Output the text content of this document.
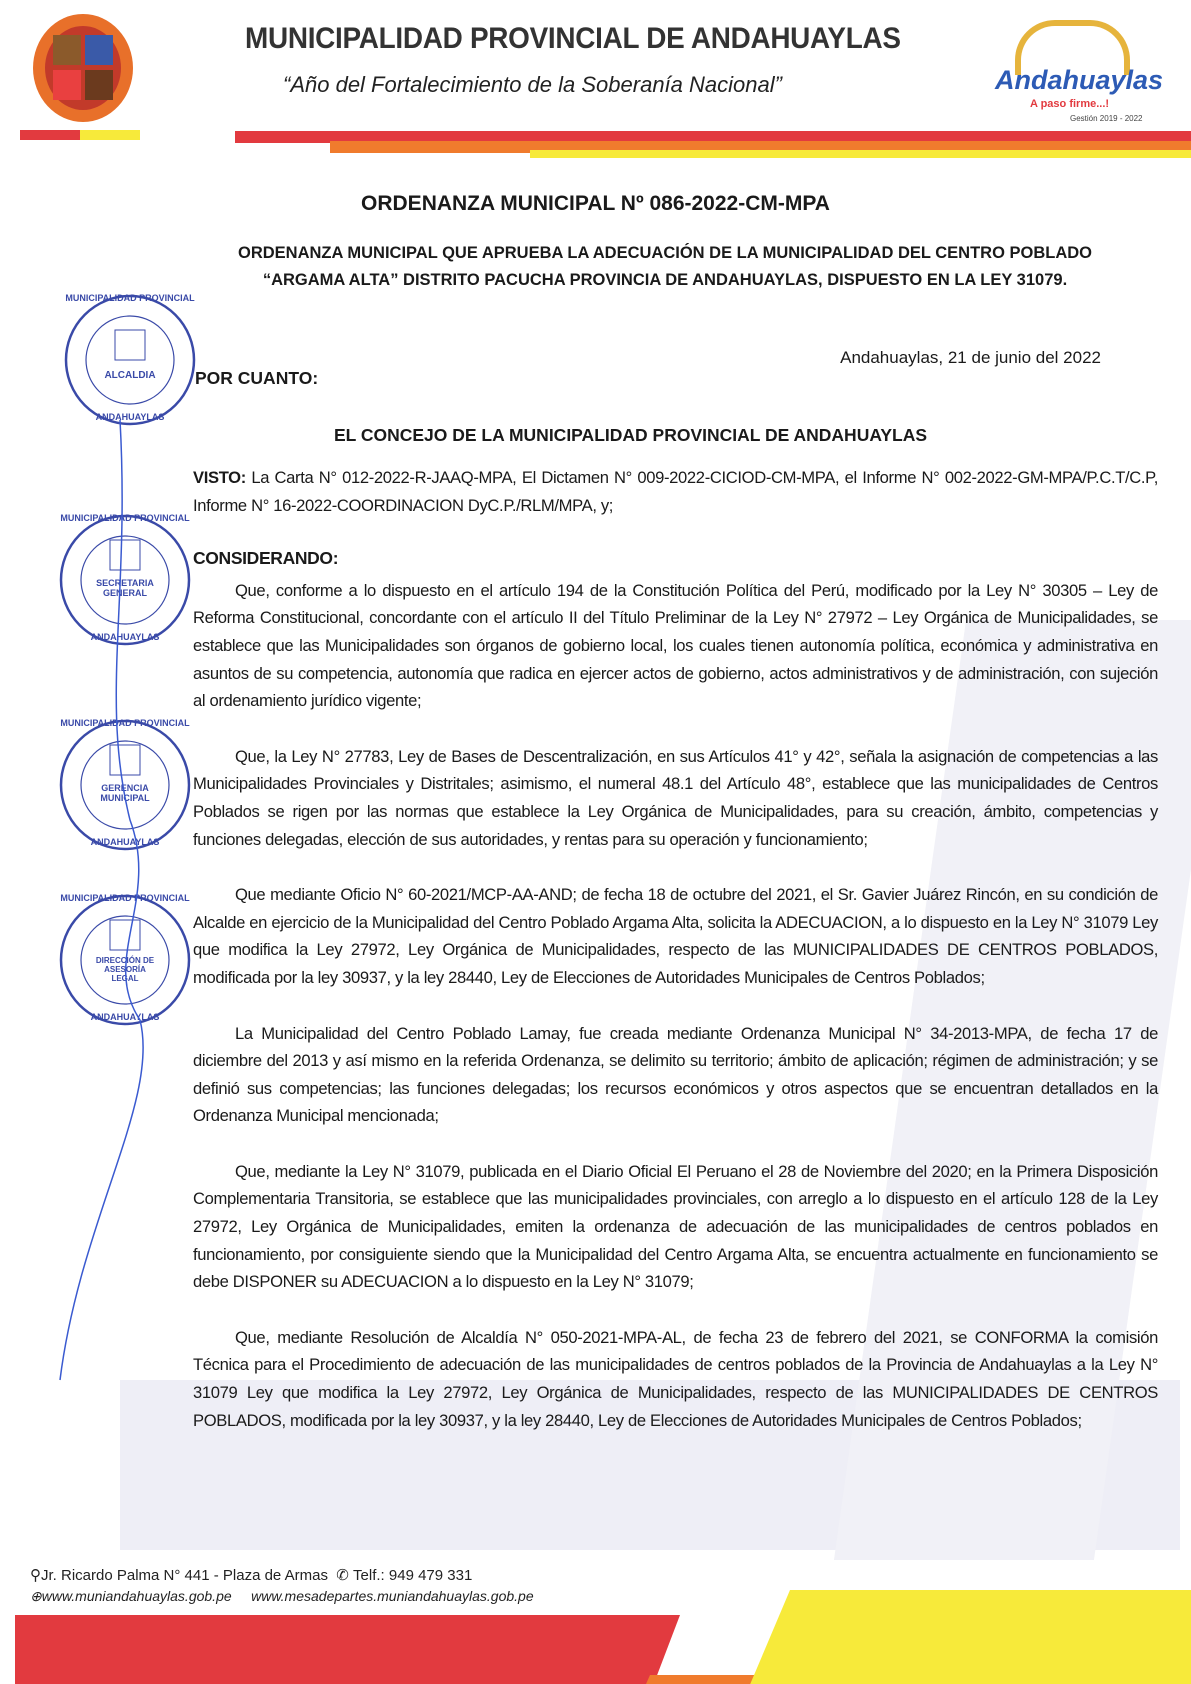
MUNICIPALIDAD PROVINCIAL DE ANDAHUAYLAS
“Año del Fortalecimiento de la Soberanía Nacional”	Andahuaylas
A paso firme...!
Gestión 2019 - 2022
ORDENANZA MUNICIPAL Nº 086-2022-CM-MPA
ORDENANZA MUNICIPAL QUE APRUEBA LA ADECUACIÓN DE LA MUNICIPALIDAD DEL CENTRO POBLADO “ARGAMA ALTA” DISTRITO PACUCHA PROVINCIA DE ANDAHUAYLAS, DISPUESTO EN LA LEY 31079.
Andahuaylas, 21 de junio del 2022
POR CUANTO:
EL CONCEJO DE LA MUNICIPALIDAD PROVINCIAL DE ANDAHUAYLAS

VISTO: La Carta N° 012-2022-R-JAAQ-MPA, El Dictamen N° 009-2022-CICIOD-CM-MPA, el Informe N° 002-2022-GM-MPA/P.C.T/C.P, Informe N° 16-2022-COORDINACION DyC.P./RLM/MPA, y;

CONSIDERANDO:

Que, conforme a lo dispuesto en el artículo 194 de la Constitución Política del Perú, modificado por la Ley N° 30305 – Ley de Reforma Constitucional, concordante con el artículo II del Título Preliminar de la Ley N° 27972 – Ley Orgánica de Municipalidades, se establece que las Municipalidades son órganos de gobierno local, los cuales tienen autonomía política, económica y administrativa en asuntos de su competencia, autonomía que radica en ejercer actos de gobierno, actos administrativos y de administración, con sujeción al ordenamiento jurídico vigente;

Que, la Ley N° 27783, Ley de Bases de Descentralización, en sus Artículos 41° y 42°, señala la asignación de competencias a las Municipalidades Provinciales y Distritales; asimismo, el numeral 48.1 del Artículo 48°, establece que las municipalidades de Centros Poblados se rigen por las normas que establece la Ley Orgánica de Municipalidades, para su creación, ámbito, competencias y funciones delegadas, elección de sus autoridades, y rentas para su operación y funcionamiento;

Que mediante Oficio N° 60-2021/MCP-AA-AND; de fecha 18 de octubre del 2021, el Sr. Gavier Juárez Rincón, en su condición de Alcalde en ejercicio de la Municipalidad del Centro Poblado Argama Alta, solicita la ADECUACION, a lo dispuesto en la Ley N° 31079 Ley que modifica la Ley 27972, Ley Orgánica de Municipalidades, respecto de las MUNICIPALIDADES DE CENTROS POBLADOS, modificada por la ley 30937, y la ley 28440, Ley de Elecciones de Autoridades Municipales de Centros Poblados;

La Municipalidad del Centro Poblado Lamay, fue creada mediante Ordenanza Municipal N° 34-2013-MPA, de fecha 17 de diciembre del 2013 y así mismo en la referida Ordenanza, se delimito su territorio; ámbito de aplicación; régimen de administración; y se definió sus competencias; las funciones delegadas; los recursos económicos y otros aspectos que se encuentran detallados en la Ordenanza Municipal mencionada;

Que, mediante la Ley N° 31079, publicada en el Diario Oficial El Peruano el 28 de Noviembre del 2020; en la Primera Disposición Complementaria Transitoria, se establece que las municipalidades provinciales, con arreglo a lo dispuesto en el artículo 128 de la Ley 27972, Ley Orgánica de Municipalidades, emiten la ordenanza de adecuación de las municipalidades de centros poblados en funcionamiento, por consiguiente siendo que la Municipalidad del Centro Argama Alta, se encuentra actualmente en funcionamiento se debe DISPONER su ADECUACION a lo dispuesto en la Ley N° 31079;

Que, mediante Resolución de Alcaldía N° 050-2021-MPA-AL, de fecha 23 de febrero del 2021, se CONFORMA la comisión Técnica para el Procedimiento de adecuación de las municipalidades de centros poblados de la Provincia de Andahuaylas a la Ley N° 31079 Ley que modifica la Ley 27972, Ley Orgánica de Municipalidades, respecto de las MUNICIPALIDADES DE CENTROS POBLADOS, modificada por la ley 30937, y la ley 28440, Ley de Elecciones de Autoridades Municipales de Centros Poblados;

MUNICIPALIDAD PROVINCIAL
ALCALDIA
ANDAHUAYLAS
MUNICIPALIDAD PROVINCIAL
SECRETARIA GENERAL
ANDAHUAYLAS
MUNICIPALIDAD PROVINCIAL
GERENCIA MUNICIPAL
ANDAHUAYLAS
MUNICIPALIDAD PROVINCIAL
DIRECCIÓN DE ASESORÍA LEGAL
ANDAHUAYLAS
⚲Jr. Ricardo Palma N° 441 - Plaza de Armas ✆ Telf.: 949 479 331
⊕www.muniandahuaylas.gob.pe www.mesadepartes.muniandahuaylas.gob.pe
